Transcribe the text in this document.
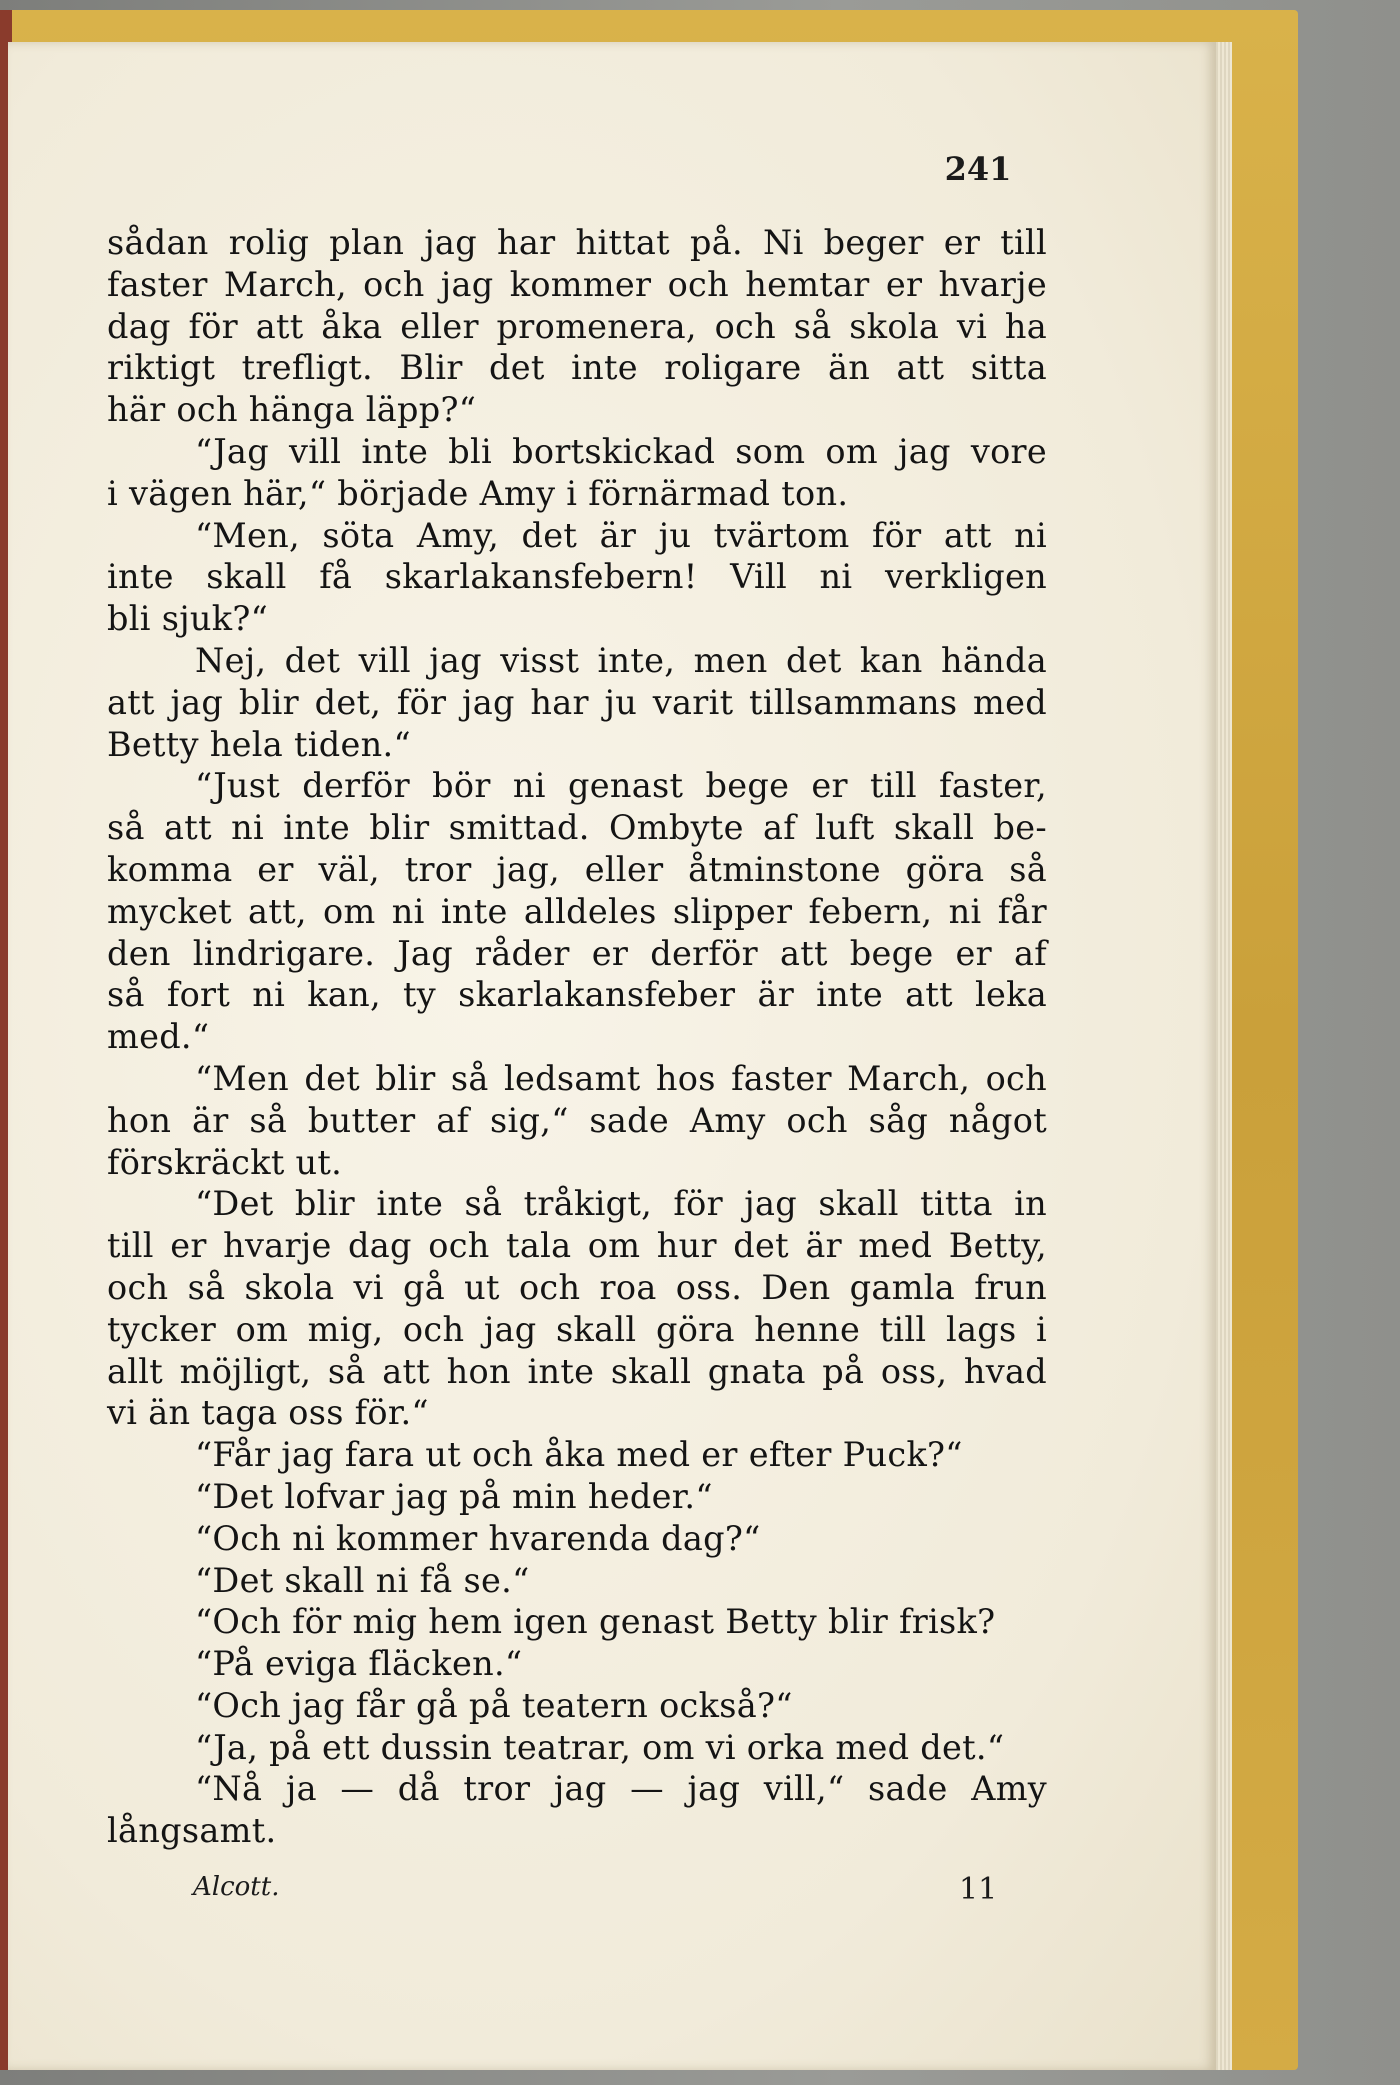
241
sådan rolig plan jag har hittat på. Ni beger er till
faster March, och jag kommer och hemtar er hvarje
dag för att åka eller promenera, och så skola vi ha
riktigt trefligt. Blir det inte roligare än att sitta
här och hänga läpp?“
“Jag vill inte bli bortskickad som om jag vore
i vägen här,“ började Amy i förnärmad ton.
“Men, söta Amy, det är ju tvärtom för att ni
inte skall få skarlakansfebern! Vill ni verkligen
bli sjuk?“
Nej, det vill jag visst inte, men det kan hända
att jag blir det, för jag har ju varit tillsammans med
Betty hela tiden.“
“Just derför bör ni genast bege er till faster,
så att ni inte blir smittad. Ombyte af luft skall be-
komma er väl, tror jag, eller åtminstone göra så
mycket att, om ni inte alldeles slipper febern, ni får
den lindrigare. Jag råder er derför att bege er af
så fort ni kan, ty skarlakansfeber är inte att leka
med.“
“Men det blir så ledsamt hos faster March, och
hon är så butter af sig,“ sade Amy och såg något
förskräckt ut.
“Det blir inte så tråkigt, för jag skall titta in
till er hvarje dag och tala om hur det är med Betty,
och så skola vi gå ut och roa oss. Den gamla frun
tycker om mig, och jag skall göra henne till lags i
allt möjligt, så att hon inte skall gnata på oss, hvad
vi än taga oss för.“
“Får jag fara ut och åka med er efter Puck?“
“Det lofvar jag på min heder.“
“Och ni kommer hvarenda dag?“
“Det skall ni få se.“
“Och för mig hem igen genast Betty blir frisk?
“På eviga fläcken.“
“Och jag får gå på teatern också?“
“Ja, på ett dussin teatrar, om vi orka med det.“
“Nå ja — då tror jag — jag vill,“ sade Amy
långsamt.
Alcott.	11
